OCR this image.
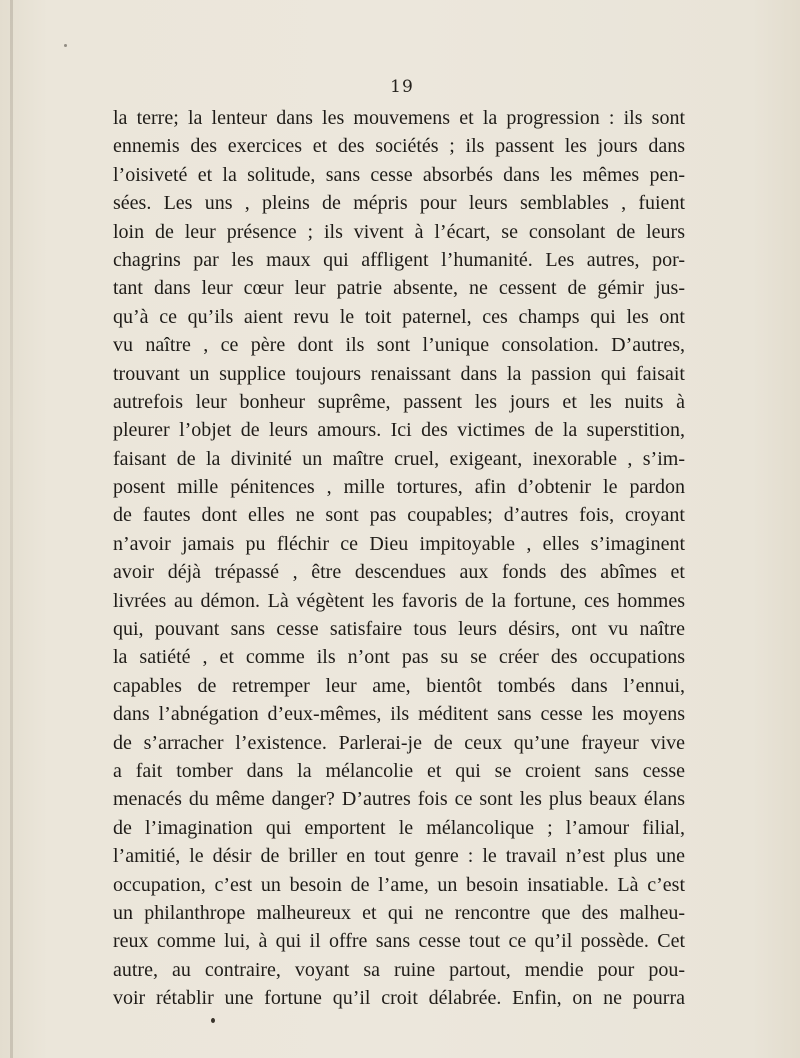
19
la terre; la lenteur dans les mouvemens et la progression : ils sont
ennemis des exercices et des sociétés ; ils passent les jours dans
l’oisiveté et la solitude, sans cesse absorbés dans les mêmes pen-
sées. Les uns , pleins de mépris pour leurs semblables , fuient
loin de leur présence ; ils vivent à l’écart, se consolant de leurs
chagrins par les maux qui affligent l’humanité. Les autres, por-
tant dans leur cœur leur patrie absente, ne cessent de gémir jus-
qu’à ce qu’ils aient revu le toit paternel, ces champs qui les ont
vu naître , ce père dont ils sont l’unique consolation. D’autres,
trouvant un supplice toujours renaissant dans la passion qui faisait
autrefois leur bonheur suprême, passent les jours et les nuits à
pleurer l’objet de leurs amours. Ici des victimes de la superstition,
faisant de la divinité un maître cruel, exigeant, inexorable , s’im-
posent mille pénitences , mille tortures, afin d’obtenir le pardon
de fautes dont elles ne sont pas coupables; d’autres fois, croyant
n’avoir jamais pu fléchir ce Dieu impitoyable , elles s’imaginent
avoir déjà trépassé , être descendues aux fonds des abîmes et
livrées au démon. Là végètent les favoris de la fortune, ces hommes
qui, pouvant sans cesse satisfaire tous leurs désirs, ont vu naître
la satiété , et comme ils n’ont pas su se créer des occupations
capables de retremper leur ame, bientôt tombés dans l’ennui,
dans l’abnégation d’eux-mêmes, ils méditent sans cesse les moyens
de s’arracher l’existence. Parlerai-je de ceux qu’une frayeur vive
a fait tomber dans la mélancolie et qui se croient sans cesse
menacés du même danger? D’autres fois ce sont les plus beaux élans
de l’imagination qui emportent le mélancolique ; l’amour filial,
l’amitié, le désir de briller en tout genre : le travail n’est plus une
occupation, c’est un besoin de l’ame, un besoin insatiable. Là c’est
un philanthrope malheureux et qui ne rencontre que des malheu-
reux comme lui, à qui il offre sans cesse tout ce qu’il possède. Cet
autre, au contraire, voyant sa ruine partout, mendie pour pou-
voir rétablir une fortune qu’il croit délabrée. Enfin, on ne pourra
